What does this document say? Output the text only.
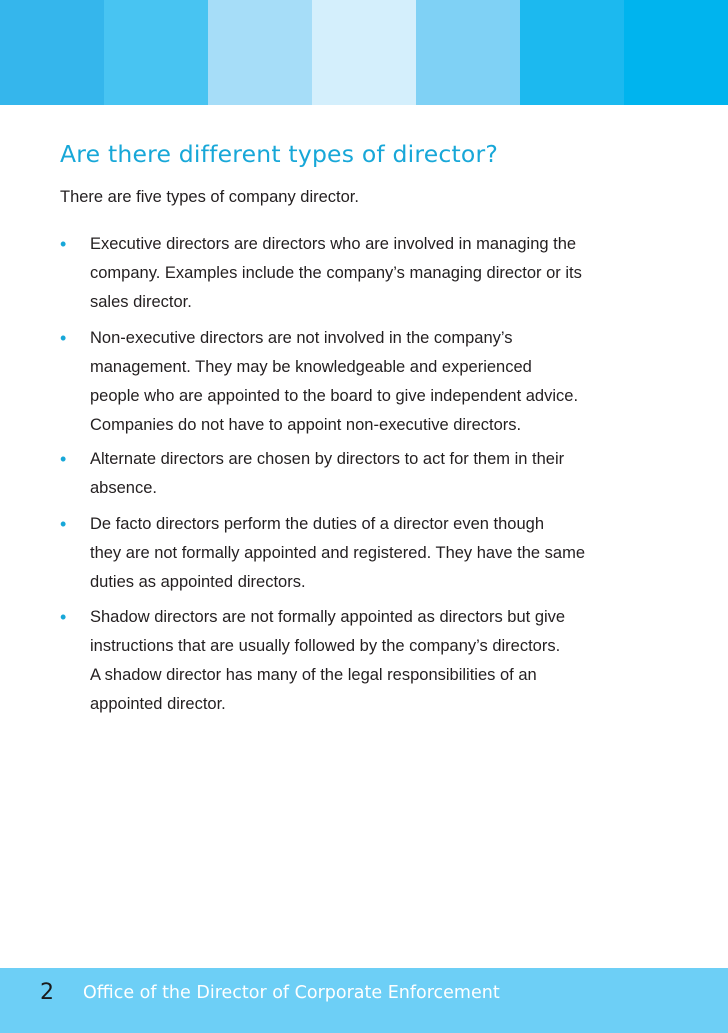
Are there different types of director?

There are five types of company director.

• Executive directors are directors who are involved in managing the
company. Examples include the company’s managing director or its
sales director.
• Non-executive directors are not involved in the company’s
management. They may be knowledgeable and experienced
people who are appointed to the board to give independent advice.
Companies do not have to appoint non-executive directors.
• Alternate directors are chosen by directors to act for them in their
absence.
• De facto directors perform the duties of a director even though
they are not formally appointed and registered. They have the same
duties as appointed directors.
• Shadow directors are not formally appointed as directors but give
instructions that are usually followed by the company’s directors.
A shadow director has many of the legal responsibilities of an
appointed director.
2 Office of the Director of Corporate Enforcement
